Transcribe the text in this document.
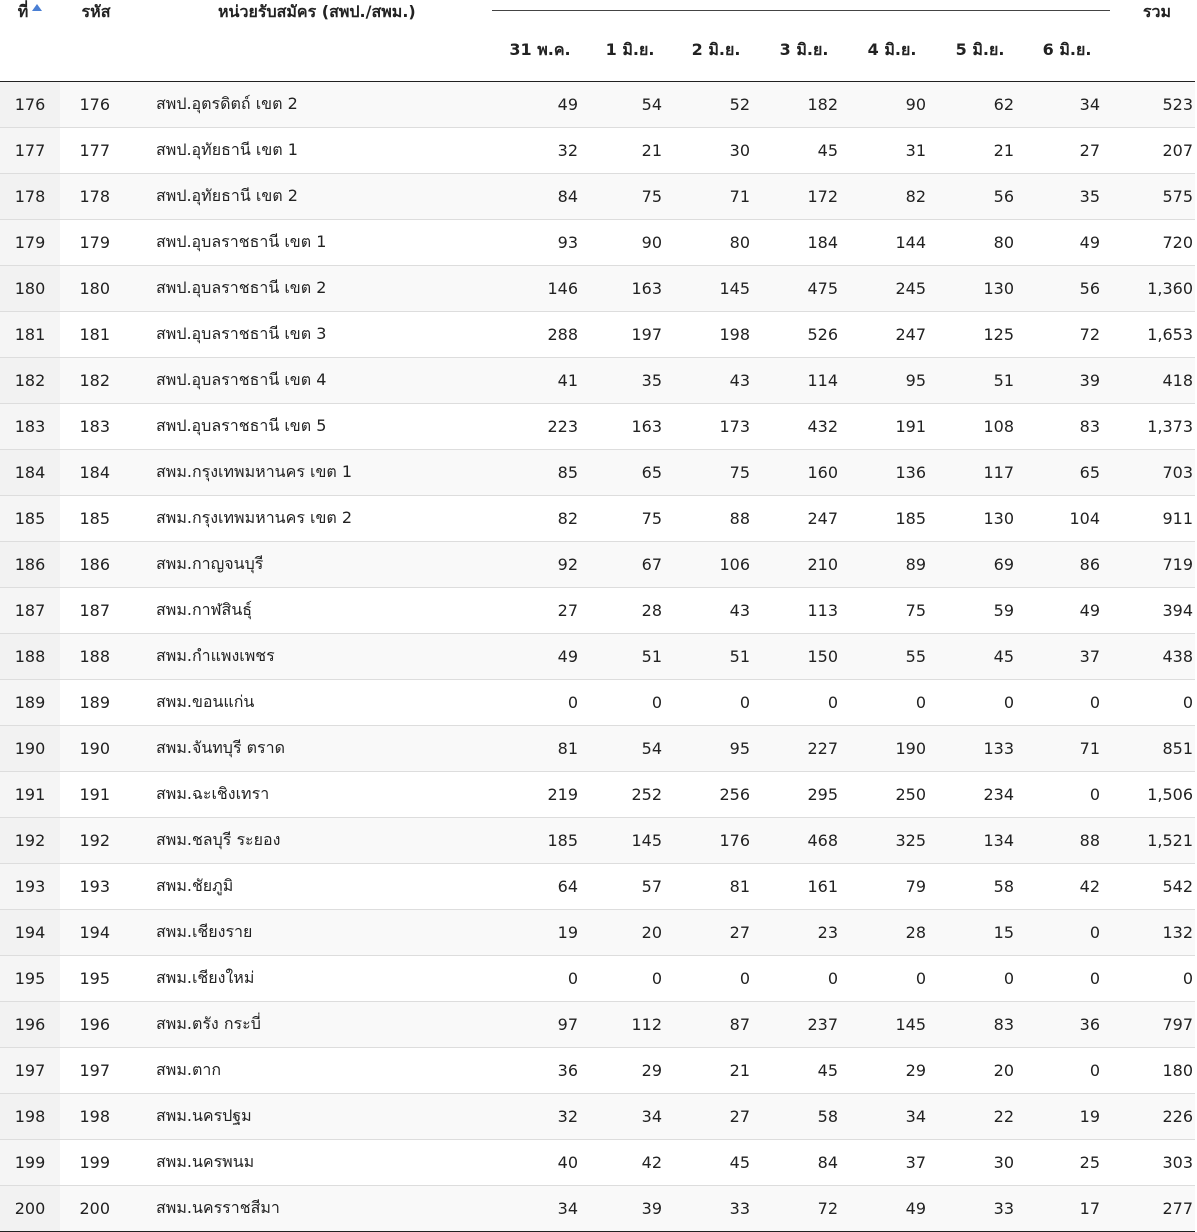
ที่	รหัส	หน่วยรับสมัคร (สพป./สพม.)								รวม
			31 พ.ค.	1 มิ.ย.	2 มิ.ย.	3 มิ.ย.	4 มิ.ย.	5 มิ.ย.	6 มิ.ย.	
176	176	สพป.อุตรดิตถ์ เขต 2	49	54	52	182	90	62	34	523
177	177	สพป.อุทัยธานี เขต 1	32	21	30	45	31	21	27	207
178	178	สพป.อุทัยธานี เขต 2	84	75	71	172	82	56	35	575
179	179	สพป.อุบลราชธานี เขต 1	93	90	80	184	144	80	49	720
180	180	สพป.อุบลราชธานี เขต 2	146	163	145	475	245	130	56	1,360
181	181	สพป.อุบลราชธานี เขต 3	288	197	198	526	247	125	72	1,653
182	182	สพป.อุบลราชธานี เขต 4	41	35	43	114	95	51	39	418
183	183	สพป.อุบลราชธานี เขต 5	223	163	173	432	191	108	83	1,373
184	184	สพม.กรุงเทพมหานคร เขต 1	85	65	75	160	136	117	65	703
185	185	สพม.กรุงเทพมหานคร เขต 2	82	75	88	247	185	130	104	911
186	186	สพม.กาญจนบุรี	92	67	106	210	89	69	86	719
187	187	สพม.กาฬสินธุ์	27	28	43	113	75	59	49	394
188	188	สพม.กำแพงเพชร	49	51	51	150	55	45	37	438
189	189	สพม.ขอนแก่น	0	0	0	0	0	0	0	0
190	190	สพม.จันทบุรี ตราด	81	54	95	227	190	133	71	851
191	191	สพม.ฉะเชิงเทรา	219	252	256	295	250	234	0	1,506
192	192	สพม.ชลบุรี ระยอง	185	145	176	468	325	134	88	1,521
193	193	สพม.ชัยภูมิ	64	57	81	161	79	58	42	542
194	194	สพม.เชียงราย	19	20	27	23	28	15	0	132
195	195	สพม.เชียงใหม่	0	0	0	0	0	0	0	0
196	196	สพม.ตรัง กระบี่	97	112	87	237	145	83	36	797
197	197	สพม.ตาก	36	29	21	45	29	20	0	180
198	198	สพม.นครปฐม	32	34	27	58	34	22	19	226
199	199	สพม.นครพนม	40	42	45	84	37	30	25	303
200	200	สพม.นครราชสีมา	34	39	33	72	49	33	17	277
